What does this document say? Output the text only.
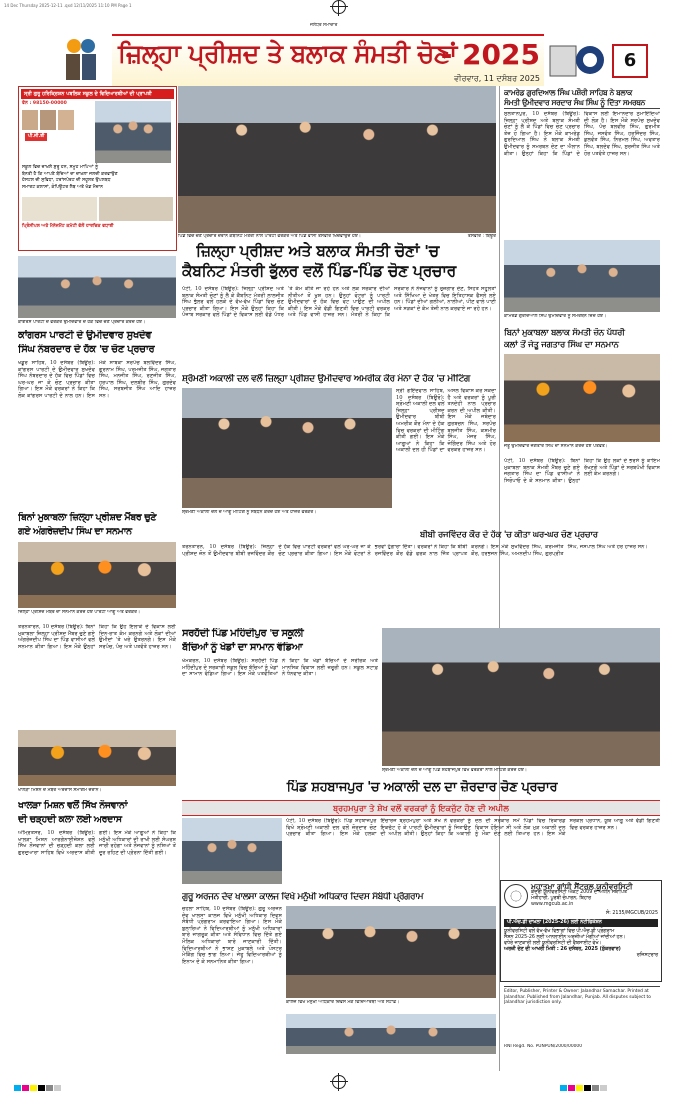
14 Dec Thursday 2025-12-11 .qxd 12/11/2025 11:10 PM Page 1
ਜਲੰਧਰ ਸਮਾਚਾਰ
ਜ਼ਿਲ੍ਹਾ ਪ੍ਰੀਸ਼ਦ ਤੇ ਬਲਾਕ ਸੰਮਤੀ ਚੋਣਾਂ
- 2025
ਵੀਰਵਾਰ, 11 ਦਸੰਬਰ 2025
6
ਸ੍ਰੀ ਗੁਰੂ ਹਰਿਕ੍ਰਿਸ਼ਨ ਪਬਲਿਕ ਸਕੂਲ ਦੇ ਵਿਦਿਆਰਥੀਆਂ ਦੀ ਪ੍ਰਾਪਤੀ
ਫੋਨ : 98150-00000
ਪੀ.ਜੀ.ਈ
ਸਕੂਲ ਵਿਚ ਦਾਖ਼ਲੇ ਸ਼ੁਰੂ ਹਨ, ਸਮੂਹ ਮਾਪਿਆਂ ਨੂੰ
ਬੇਨਤੀ ਹੈ ਕਿ ਆਪਣੇ ਬੱਚਿਆਂ ਦਾ ਦਾਖ਼ਲਾ ਜਲਦੀ ਕਰਵਾਉਣ
ਹੋਸਟਲ ਦੀ ਸੁਵਿਧਾ, ਟਰਾਂਸਪੋਰਟ ਦੀ ਸਹੂਲਤ ਉਪਲਬਧ
ਸਮਾਰਟ ਕਲਾਸਾਂ, ਕੰਪਿਊਟਰ ਲੈਬ ਅਤੇ ਖੇਡ ਮੈਦਾਨ
ਪ੍ਰਿੰਸੀਪਲ ਅਤੇ ਮੈਨੇਜਮੈਂਟ ਕਮੇਟੀ ਵੱਲੋਂ ਹਾਰਦਿਕ ਵਧਾਈ
ਪਿੰਡ ਵਿਚ ਚੋਣ ਪ੍ਰਚਾਰ ਦੌਰਾਨ ਕੈਬਨਿਟ ਮੰਤਰੀ ਨਾਲ ਪਾਰਟੀ ਵਰਕਰ ਅਤੇ ਪਿੰਡ ਵਾਸੀ ਤਸਵੀਰ ਖਿਚਵਾਉਂਦੇ ਹੋਏ।	ਤਸਵੀਰ : ਬਿਊਰੋ
ਕਾਮਰੇਡ ਗੁਰਦਿਆਲ ਸਿੰਘ ਪਸ਼ੌਰੀ ਸਾਹਿਬ ਨੇ ਬਲਾਕ
ਸੰਮਤੀ ਉਮੀਦਵਾਰ ਸਰਦਾਰ ਸੰਘ ਸਿੰਘ ਨੂੰ ਦਿੱਤਾ ਸਮਰਥਨ
ਸੁਲਤਾਨਪੁਰ, 10 ਦਸੰਬਰ (ਬਿਊਰੋ): ਜ਼ਿਲ੍ਹਾ ਪ੍ਰੀਸ਼ਦ ਅਤੇ ਬਲਾਕ ਸੰਮਤੀ ਚੋਣਾਂ ਨੂੰ ਲੈ ਕੇ ਪਿੰਡਾਂ ਵਿਚ ਚੋਣ ਪ੍ਰਚਾਰ ਤੇਜ਼ ਹੋ ਗਿਆ ਹੈ। ਇਸ ਮੌਕੇ ਕਾਮਰੇਡ ਗੁਰਦਿਆਲ ਸਿੰਘ ਨੇ ਬਲਾਕ ਸੰਮਤੀ ਉਮੀਦਵਾਰ ਨੂੰ ਸਮਰਥਨ ਦੇਣ ਦਾ ਐਲਾਨ ਕੀਤਾ। ਉਨ੍ਹਾਂ ਕਿਹਾ ਕਿ ਪਿੰਡਾਂ ਦੇ ਵਿਕਾਸ ਲਈ ਇਮਾਨਦਾਰ ਨੁਮਾਇੰਦਿਆਂ ਦੀ ਲੋੜ ਹੈ। ਇਸ ਮੌਕੇ ਸਰਪੰਚ ਸੁਖਦੇਵ ਸਿੰਘ, ਪੰਚ ਬਲਵੀਰ ਸਿੰਘ, ਗੁਰਮੀਤ ਸਿੰਘ, ਜਸਵੰਤ ਸਿੰਘ, ਹਰਜਿੰਦਰ ਸਿੰਘ, ਕੁਲਵੰਤ ਸਿੰਘ, ਨਿਰਮਲ ਸਿੰਘ, ਅਵਤਾਰ ਸਿੰਘ, ਬਲਦੇਵ ਸਿੰਘ, ਸੁਰਜੀਤ ਸਿੰਘ ਅਤੇ ਹੋਰ ਪਤਵੰਤੇ ਹਾਜ਼ਰ ਸਨ।
ਕਾਮਰੇਡ ਗੁਰਦਿਆਲ ਸਿੰਘ ਉਮੀਦਵਾਰ ਨੂੰ ਸਮਰਥਨ ਦਿੰਦੇ ਹੋਏ।
ਜ਼ਿਲ੍ਹਾ ਪ੍ਰੀਸ਼ਦ ਅਤੇ ਬਲਾਕ ਸੰਮਤੀ ਚੋਣਾਂ 'ਚ
ਕੈਬਨਿਟ ਮੰਤਰੀ ਭੁੱਲਰ ਵਲੋਂ ਪਿੰਡ-ਪਿੰਡ ਚੋਣ ਪ੍ਰਚਾਰ
ਕਾਂਗਰਸ ਪਾਰਟੀ ਦੇ ਵਰਕਰ ਉਮੀਦਵਾਰ ਦੇ ਹੱਕ ਵਿਚ ਚੋਣ ਪ੍ਰਚਾਰ ਕਰਦੇ ਹੋਏ।
ਪੱਟੀ, 10 ਦਸੰਬਰ (ਬਿਊਰੋ): ਜ਼ਿਲ੍ਹਾ ਪ੍ਰੀਸ਼ਦ ਅਤੇ ਬਲਾਕ ਸੰਮਤੀ ਚੋਣਾਂ ਨੂੰ ਲੈ ਕੇ ਕੈਬਨਿਟ ਮੰਤਰੀ ਲਾਲਜੀਤ ਸਿੰਘ ਭੁੱਲਰ ਵਲੋਂ ਹਲਕੇ ਦੇ ਵੱਖ-ਵੱਖ ਪਿੰਡਾਂ ਵਿਚ ਚੋਣ ਪ੍ਰਚਾਰ ਕੀਤਾ ਗਿਆ। ਇਸ ਮੌਕੇ ਉਨ੍ਹਾਂ ਕਿਹਾ ਕਿ ਪੰਜਾਬ ਸਰਕਾਰ ਵਲੋਂ ਪਿੰਡਾਂ ਦੇ ਵਿਕਾਸ ਲਈ ਵੱਡੇ ਪੱਧਰ 'ਤੇ ਕੰਮ ਕੀਤੇ ਜਾ ਰਹੇ ਹਨ ਅਤੇ ਲੋਕ ਸਰਕਾਰ ਦੀਆਂ ਨੀਤੀਆਂ ਤੋਂ ਖੁਸ਼ ਹਨ। ਉਨ੍ਹਾਂ ਵੋਟਰਾਂ ਨੂੰ ਪਾਰਟੀ ਉਮੀਦਵਾਰਾਂ ਦੇ ਹੱਕ ਵਿਚ ਵੋਟ ਪਾਉਣ ਦੀ ਅਪੀਲ ਕੀਤੀ। ਇਸ ਮੌਕੇ ਵੱਡੀ ਗਿਣਤੀ ਵਿਚ ਪਾਰਟੀ ਵਰਕਰ ਅਤੇ ਪਿੰਡ ਵਾਸੀ ਹਾਜ਼ਰ ਸਨ। ਮੰਤਰੀ ਨੇ ਕਿਹਾ ਕਿ ਸਰਕਾਰ ਨੇ ਨੌਜਵਾਨਾਂ ਨੂੰ ਰੁਜ਼ਗਾਰ ਦੇਣ, ਸਿਹਤ ਸਹੂਲਤਾਂ ਅਤੇ ਸਿੱਖਿਆ ਦੇ ਖੇਤਰ ਵਿਚ ਇਤਿਹਾਸਕ ਫੈਸਲੇ ਲਏ ਹਨ। ਪਿੰਡਾਂ ਦੀਆਂ ਗਲੀਆਂ, ਨਾਲੀਆਂ, ਪੀਣ ਵਾਲੇ ਪਾਣੀ ਅਤੇ ਸੜਕਾਂ ਦੇ ਕੰਮ ਤੇਜ਼ੀ ਨਾਲ ਕਰਵਾਏ ਜਾ ਰਹੇ ਹਨ।
ਕਾਂਗਰਸ ਪਾਰਟੀ ਦੇ ਉਮੀਦਵਾਰ ਸੁਖਦੇਵ
ਸਿੰਘ ਨੰਬਰਦਾਰ ਦੇ ਹੱਕ 'ਚ ਚੋਣ ਪ੍ਰਚਾਰ
ਖਡੂਰ ਸਾਹਿਬ, 10 ਦਸੰਬਰ (ਬਿਊਰੋ): ਕਾਂਗਰਸ ਪਾਰਟੀ ਦੇ ਉਮੀਦਵਾਰ ਸੁਖਦੇਵ ਸਿੰਘ ਨੰਬਰਦਾਰ ਦੇ ਹੱਕ ਵਿਚ ਪਿੰਡਾਂ ਵਿਚ ਘਰ-ਘਰ ਜਾ ਕੇ ਚੋਣ ਪ੍ਰਚਾਰ ਕੀਤਾ ਗਿਆ। ਇਸ ਮੌਕੇ ਵਰਕਰਾਂ ਨੇ ਕਿਹਾ ਕਿ ਲੋਕ ਕਾਂਗਰਸ ਪਾਰਟੀ ਦੇ ਨਾਲ ਹਨ। ਇਸ ਮੌਕੇ ਸਾਬਕਾ ਸਰਪੰਚ ਬਲਵਿੰਦਰ ਸਿੰਘ, ਗੁਰਨਾਮ ਸਿੰਘ, ਪਰਮਜੀਤ ਸਿੰਘ, ਜਗਤਾਰ ਸਿੰਘ, ਮਨਜੀਤ ਸਿੰਘ, ਰਣਜੀਤ ਸਿੰਘ, ਹਰਪਾਲ ਸਿੰਘ, ਦਲਬੀਰ ਸਿੰਘ, ਗੁਰਦੇਵ ਸਿੰਘ, ਸਰਬਜੀਤ ਸਿੰਘ ਆਦਿ ਹਾਜ਼ਰ ਸਨ।
ਬਿਨਾਂ ਮੁਕਾਬਲਾ ਬਲਾਕ ਸੰਮਤੀ ਜ਼ੋਨ ਪੱਧਰੀ
ਕਲਾਂ ਤੋਂ ਜੇਤੂ ਜਗਤਾਰ ਸਿੰਘ ਦਾ ਸਨਮਾਨ
ਜੇਤੂ ਉਮੀਦਵਾਰ ਜਗਤਾਰ ਸਿੰਘ ਦਾ ਸਨਮਾਨ ਕਰਦੇ ਹੋਏ ਪਤਵੰਤੇ।
ਪੱਟੀ, 10 ਦਸੰਬਰ (ਬਿਊਰੋ): ਬਿਨਾਂ ਮੁਕਾਬਲਾ ਬਲਾਕ ਸੰਮਤੀ ਮੈਂਬਰ ਚੁਣੇ ਗਏ ਜਗਤਾਰ ਸਿੰਘ ਦਾ ਪਿੰਡ ਵਾਸੀਆਂ ਨੇ ਸਿਰੋਪਾਓ ਦੇ ਕੇ ਸਨਮਾਨ ਕੀਤਾ। ਉਨ੍ਹਾਂ ਕਿਹਾ ਕਿ ਉਹ ਲੋਕਾਂ ਦੇ ਭਰੋਸੇ ਨੂੰ ਕਾਇਮ ਰੱਖਣਗੇ ਅਤੇ ਪਿੰਡਾਂ ਦੇ ਸਰਬਪੱਖੀ ਵਿਕਾਸ ਲਈ ਕੰਮ ਕਰਨਗੇ।
ਸ਼੍ਰੋਮਣੀ ਅਕਾਲੀ ਦਲ ਵਲੋਂ ਜ਼ਿਲ੍ਹਾ ਪ੍ਰੀਸ਼ਦ ਉਮੀਦਵਾਰ ਅਮਰੀਕ ਕੌਰ ਮੰਨਾ ਦੇ ਹੱਕ 'ਚ ਮੀਟਿੰਗ
ਸ੍ਰੀ ਗੋਇੰਦਵਾਲ ਸਾਹਿਬ, 10 ਦਸੰਬਰ (ਬਿਊਰੋ): ਸ਼੍ਰੋਮਣੀ ਅਕਾਲੀ ਦਲ ਵਲੋਂ ਜ਼ਿਲ੍ਹਾ ਪ੍ਰੀਸ਼ਦ ਉਮੀਦਵਾਰ ਬੀਬੀ ਅਮਰੀਕ ਕੌਰ ਮੰਨਾ ਦੇ ਹੱਕ ਵਿਚ ਵਰਕਰਾਂ ਦੀ ਮੀਟਿੰਗ ਕੀਤੀ ਗਈ। ਇਸ ਮੌਕੇ ਆਗੂਆਂ ਨੇ ਕਿਹਾ ਕਿ ਅਕਾਲੀ ਦਲ ਹੀ ਪਿੰਡਾਂ ਦਾ ਅਸਲ ਵਿਕਾਸ ਕਰ ਸਕਦਾ ਹੈ ਅਤੇ ਵਰਕਰਾਂ ਨੂੰ ਪੂਰੀ ਤਨਦੇਹੀ ਨਾਲ ਪ੍ਰਚਾਰ ਕਰਨ ਦੀ ਅਪੀਲ ਕੀਤੀ। ਇਸ ਮੌਕੇ ਜਥੇਦਾਰ ਗੁਰਬਚਨ ਸਿੰਘ, ਸਰਪੰਚ ਬਲਜੀਤ ਸਿੰਘ, ਕਸ਼ਮੀਰ ਸਿੰਘ, ਮੇਜਰ ਸਿੰਘ, ਜੋਗਿੰਦਰ ਸਿੰਘ ਅਤੇ ਹੋਰ ਵਰਕਰ ਹਾਜ਼ਰ ਸਨ।
ਸ਼੍ਰੋਮਣੀ ਅਕਾਲੀ ਦਲ ਦੇ ਆਗੂ ਮੀਟਿੰਗ ਨੂੰ ਸੰਬੋਧਨ ਕਰਦੇ ਹੋਏ ਅਤੇ ਹਾਜ਼ਰ ਵਰਕਰ।
ਬਿਨਾਂ ਮੁਕਾਬਲਾ ਜ਼ਿਲ੍ਹਾ ਪ੍ਰੀਸ਼ਦ ਮੈਂਬਰ ਚੁਣੇ
ਗਏ ਅੰਗਰੇਜ਼ਦੀਪ ਸਿੰਘ ਦਾ ਸਨਮਾਨ
ਜ਼ਿਲ੍ਹਾ ਪ੍ਰੀਸ਼ਦ ਮੈਂਬਰ ਦਾ ਸਨਮਾਨ ਕਰਦੇ ਹੋਏ ਪਾਰਟੀ ਆਗੂ ਅਤੇ ਵਰਕਰ।
ਤਰਨਤਾਰਨ, 10 ਦਸੰਬਰ (ਬਿਊਰੋ): ਬਿਨਾਂ ਮੁਕਾਬਲਾ ਜ਼ਿਲ੍ਹਾ ਪ੍ਰੀਸ਼ਦ ਮੈਂਬਰ ਚੁਣੇ ਗਏ ਅੰਗਰੇਜ਼ਦੀਪ ਸਿੰਘ ਦਾ ਪਿੰਡ ਵਾਸੀਆਂ ਵਲੋਂ ਸਨਮਾਨ ਕੀਤਾ ਗਿਆ। ਇਸ ਮੌਕੇ ਉਨ੍ਹਾਂ ਕਿਹਾ ਕਿ ਉਹ ਇਲਾਕੇ ਦੇ ਵਿਕਾਸ ਲਈ ਦਿਨ-ਰਾਤ ਕੰਮ ਕਰਨਗੇ ਅਤੇ ਲੋਕਾਂ ਦੀਆਂ ਉਮੀਦਾਂ 'ਤੇ ਖਰੇ ਉਤਰਨਗੇ। ਇਸ ਮੌਕੇ ਸਰਪੰਚ, ਪੰਚ ਅਤੇ ਪਤਵੰਤੇ ਹਾਜ਼ਰ ਸਨ।
ਬੀਬੀ ਰਜਵਿੰਦਰ ਕੌਰ ਦੇ ਹੱਕ 'ਚ ਕੀਤਾ ਘਰ-ਘਰ ਚੋਣ ਪ੍ਰਚਾਰ
ਤਰਨਤਾਰਨ, 10 ਦਸੰਬਰ (ਬਿਊਰੋ): ਜ਼ਿਲ੍ਹਾ ਪ੍ਰੀਸ਼ਦ ਜ਼ੋਨ ਤੋਂ ਉਮੀਦਵਾਰ ਬੀਬੀ ਰਜਵਿੰਦਰ ਕੌਰ ਦੇ ਹੱਕ ਵਿਚ ਪਾਰਟੀ ਵਰਕਰਾਂ ਵਲੋਂ ਘਰ-ਘਰ ਜਾ ਕੇ ਚੋਣ ਪ੍ਰਚਾਰ ਕੀਤਾ ਗਿਆ। ਇਸ ਮੌਕੇ ਵੋਟਰਾਂ ਨੇ ਭਰਵਾਂ ਹੁੰਗਾਰਾ ਦਿੱਤਾ। ਵਰਕਰਾਂ ਨੇ ਕਿਹਾ ਕਿ ਬੀਬੀ ਰਜਵਿੰਦਰ ਕੌਰ ਵੱਡੇ ਫਰਕ ਨਾਲ ਜਿੱਤ ਪ੍ਰਾਪਤ ਕਰਨਗੇ। ਇਸ ਮੌਕੇ ਸੁਖਵਿੰਦਰ ਸਿੰਘ, ਕਰਮਜੀਤ ਕੌਰ, ਹਰਭਜਨ ਸਿੰਘ, ਅਮਨਦੀਪ ਸਿੰਘ, ਗੁਰਪ੍ਰੀਤ ਸਿੰਘ, ਜਸਪਾਲ ਸਿੰਘ ਅਤੇ ਹੋਰ ਹਾਜ਼ਰ ਸਨ।
ਸਰਹੱਦੀ ਪਿੰਡ ਮਹਿੰਦੀਪੁਰ 'ਚ ਸਕੂਲੀ
ਬੱਚਿਆਂ ਨੂੰ ਖੇਡਾਂ ਦਾ ਸਾਮਾਨ ਵੰਡਿਆ
ਖੇਮਕਰਨ, 10 ਦਸੰਬਰ (ਬਿਊਰੋ): ਸਰਹੱਦੀ ਪਿੰਡ ਮਹਿੰਦੀਪੁਰ ਦੇ ਸਰਕਾਰੀ ਸਕੂਲ ਵਿਚ ਬੱਚਿਆਂ ਨੂੰ ਖੇਡਾਂ ਦਾ ਸਾਮਾਨ ਵੰਡਿਆ ਗਿਆ। ਇਸ ਮੌਕੇ ਪਤਵੰਤਿਆਂ ਨੇ ਕਿਹਾ ਕਿ ਖੇਡਾਂ ਬੱਚਿਆਂ ਦੇ ਸਰੀਰਕ ਅਤੇ ਮਾਨਸਿਕ ਵਿਕਾਸ ਲਈ ਜ਼ਰੂਰੀ ਹਨ। ਸਕੂਲ ਸਟਾਫ਼ ਨੇ ਧੰਨਵਾਦ ਕੀਤਾ।
ਸ਼੍ਰੋਮਣੀ ਅਕਾਲੀ ਦਲ ਦੇ ਆਗੂ ਪਿੰਡ ਸ਼ਹਬਾਜਪੁਰ ਵਿਖੇ ਵਰਕਰਾਂ ਨਾਲ ਮੀਟਿੰਗ ਕਰਦੇ ਹੋਏ।
ਖਾਲੜਾ ਮਿਸ਼ਨ ਦੇ ਮੈਂਬਰ ਅਰਦਾਸ ਸਮਾਗਮ ਦੌਰਾਨ।
ਖਾਲੜਾ ਮਿਸ਼ਨ ਵਲੋਂ ਸਿੱਖ ਨੌਜਵਾਨਾਂ
ਦੀ ਚੜ੍ਹਦੀ ਕਲਾ ਲਈ ਅਰਦਾਸ
ਅੰਮ੍ਰਿਤਸਰ, 10 ਦਸੰਬਰ (ਬਿਊਰੋ): ਖਾਲੜਾ ਮਿਸ਼ਨ ਆਰਗੇਨਾਈਜ਼ੇਸ਼ਨ ਵਲੋਂ ਸਿੱਖ ਨੌਜਵਾਨਾਂ ਦੀ ਚੜ੍ਹਦੀ ਕਲਾ ਲਈ ਗੁਰਦੁਆਰਾ ਸਾਹਿਬ ਵਿਖੇ ਅਰਦਾਸ ਕੀਤੀ ਗਈ। ਇਸ ਮੌਕੇ ਆਗੂਆਂ ਨੇ ਕਿਹਾ ਕਿ ਮਨੁੱਖੀ ਅਧਿਕਾਰਾਂ ਦੀ ਰਾਖੀ ਲਈ ਸੰਘਰਸ਼ ਜਾਰੀ ਰਹੇਗਾ ਅਤੇ ਨੌਜਵਾਨਾਂ ਨੂੰ ਨਸ਼ਿਆਂ ਤੋਂ ਦੂਰ ਰਹਿਣ ਦੀ ਪ੍ਰੇਰਨਾ ਦਿੱਤੀ ਗਈ।
ਪਿੰਡ ਸ਼ਹਬਾਜਪੁਰ 'ਚ ਅਕਾਲੀ ਦਲ ਦਾ ਜ਼ੋਰਦਾਰ ਚੋਣ ਪ੍ਰਚਾਰ
ਬ੍ਰਹਮਪੁਰਾ ਤੇ ਸ਼ੇਖ ਵਲੋਂ ਵਰਕਰਾਂ ਨੂੰ ਇਕਜੁੱਟ ਹੋਣ ਦੀ ਅਪੀਲ
ਪੱਟੀ, 10 ਦਸੰਬਰ (ਬਿਊਰੋ): ਪਿੰਡ ਸ਼ਹਬਾਜਪੁਰ ਵਿਖੇ ਸ਼੍ਰੋਮਣੀ ਅਕਾਲੀ ਦਲ ਵਲੋਂ ਜ਼ੋਰਦਾਰ ਚੋਣ ਪ੍ਰਚਾਰ ਕੀਤਾ ਗਿਆ। ਇਸ ਮੌਕੇ ਹਲਕਾ ਇੰਚਾਰਜ ਬ੍ਰਹਮਪੁਰਾ ਅਤੇ ਸ਼ੇਖ ਨੇ ਵਰਕਰਾਂ ਨੂੰ ਇਕਜੁੱਟ ਹੋ ਕੇ ਪਾਰਟੀ ਉਮੀਦਵਾਰਾਂ ਨੂੰ ਜਿਤਾਉਣ ਦੀ ਅਪੀਲ ਕੀਤੀ। ਉਨ੍ਹਾਂ ਕਿਹਾ ਕਿ ਅਕਾਲੀ ਦਲ ਦੀ ਸਰਕਾਰ ਸਮੇਂ ਪਿੰਡਾਂ ਵਿਚ ਰਿਕਾਰਡ ਵਿਕਾਸ ਹੋਇਆ ਸੀ ਅਤੇ ਲੋਕ ਮੁੜ ਅਕਾਲੀ ਦਲ ਨੂੰ ਮੌਕਾ ਦੇਣ ਲਈ ਤਿਆਰ ਹਨ। ਇਸ ਮੌਕੇ ਸਰਕਲ ਪ੍ਰਧਾਨ, ਯੂਥ ਆਗੂ ਅਤੇ ਵੱਡੀ ਗਿਣਤੀ ਵਿਚ ਵਰਕਰ ਹਾਜ਼ਰ ਸਨ।
ਮਹਾਤਮਾ ਗਾਂਧੀ ਸੈਂਟਰਲ ਯੂਨੀਵਰਸਿਟੀ
ਕੇਂਦਰੀ ਯੂਨੀਵਰਸਿਟੀ ਐਕਟ 2009 ਦੇ ਅਧੀਨ ਸਥਾਪਿਤ
ਮੋਤੀਹਾਰੀ, ਪੂਰਬੀ ਚੰਪਾਰਨ, ਬਿਹਾਰ
www.mgcub.ac.in
ਸੰ: 2135/MGCUB/2025
ਪੀ.ਐਚ.ਡੀ ਦਾਖ਼ਲਾ (2025-26) ਲਈ ਨੋਟੀਫਿਕੇਸ਼ਨ
ਯੂਨੀਵਰਸਿਟੀ ਵਲੋਂ ਵੱਖ-ਵੱਖ ਵਿਭਾਗਾਂ ਵਿਚ ਪੀ.ਐਚ.ਡੀ ਪ੍ਰੋਗਰਾਮ
ਸੈਸ਼ਨ 2025-26 ਲਈ ਆਨਲਾਈਨ ਅਰਜ਼ੀਆਂ ਮੰਗੀਆਂ ਜਾਂਦੀਆਂ ਹਨ।
ਵਧੇਰੇ ਜਾਣਕਾਰੀ ਲਈ ਯੂਨੀਵਰਸਿਟੀ ਦੀ ਵੈਬਸਾਈਟ ਵੇਖੋ।
ਅਰਜ਼ੀ ਦੇਣ ਦੀ ਆਖਰੀ ਮਿਤੀ : 26 ਦਸੰਬਰ, 2025 (ਸ਼ੁੱਕਰਵਾਰ)
ਰਜਿਸਟਰਾਰ
ਗੁਰੂ ਅਰਜਨ ਦੇਵ ਖਾਲਸਾ ਕਾਲਜ ਵਿਖੇ ਮਨੁੱਖੀ ਅਧਿਕਾਰ ਦਿਵਸ ਸੰਬੰਧੀ ਪ੍ਰੋਗਰਾਮ
ਚੋਹਲਾ ਸਾਹਿਬ, 10 ਦਸੰਬਰ (ਬਿਊਰੋ): ਗੁਰੂ ਅਰਜਨ ਦੇਵ ਖਾਲਸਾ ਕਾਲਜ ਵਿਖੇ ਮਨੁੱਖੀ ਅਧਿਕਾਰ ਦਿਵਸ ਸੰਬੰਧੀ ਪ੍ਰੋਗਰਾਮ ਕਰਵਾਇਆ ਗਿਆ। ਇਸ ਮੌਕੇ ਬੁਲਾਰਿਆਂ ਨੇ ਵਿਦਿਆਰਥੀਆਂ ਨੂੰ ਮਨੁੱਖੀ ਅਧਿਕਾਰਾਂ ਬਾਰੇ ਜਾਗਰੂਕ ਕੀਤਾ ਅਤੇ ਸੰਵਿਧਾਨ ਵਿਚ ਦਿੱਤੇ ਗਏ ਮੌਲਿਕ ਅਧਿਕਾਰਾਂ ਬਾਰੇ ਜਾਣਕਾਰੀ ਦਿੱਤੀ। ਵਿਦਿਆਰਥੀਆਂ ਨੇ ਭਾਸ਼ਣ ਮੁਕਾਬਲੇ ਅਤੇ ਪੋਸਟਰ ਮੇਕਿੰਗ ਵਿਚ ਭਾਗ ਲਿਆ। ਜੇਤੂ ਵਿਦਿਆਰਥੀਆਂ ਨੂੰ ਇਨਾਮ ਦੇ ਕੇ ਸਨਮਾਨਿਤ ਕੀਤਾ ਗਿਆ।
ਕਾਲਜ ਵਿਖੇ ਮਨੁੱਖੀ ਅਧਿਕਾਰ ਦਿਵਸ ਮੌਕੇ ਵਿਦਿਆਰਥੀ ਅਤੇ ਸਟਾਫ਼।
Editor, Publisher, Printer & Owner: Jalandhar Samachar. Printed at Jalandhar. Published from Jalandhar, Punjab. All disputes subject to Jalandhar jurisdiction only.
RNI Regd. No. PUNPUN/2000/00000
